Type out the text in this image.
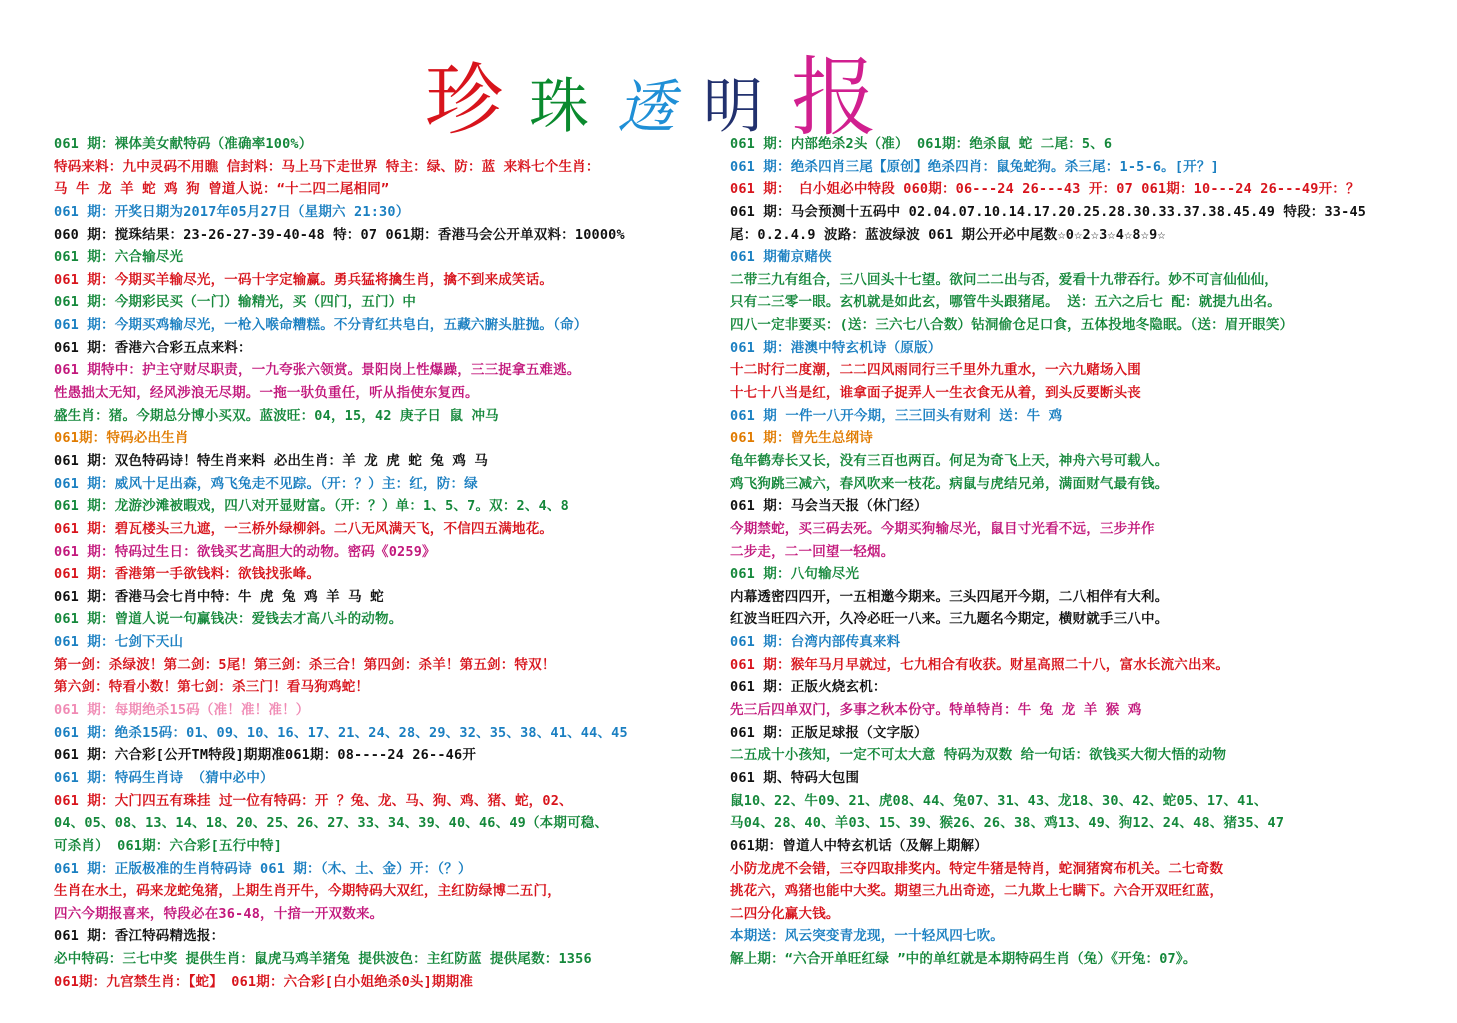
珍 珠 透 明 报
061 期：裸体美女献特码（准确率100%）
特码来料：九中灵码不用瞧 信封料：马上马下走世界 特主：绿、防：蓝 来料七个生肖：
马 牛 龙 羊 蛇 鸡 狗 曾道人说：“十二四二尾相同”
061 期：开奖日期为2017年05月27日（星期六 21:30）
060 期：搅珠结果：23-26-27-39-40-48 特：07 061期：香港马会公开单双料：10000%
061 期：六合输尽光
061 期：今期买羊输尽光，一码十字定输赢。勇兵猛将擒生肖，擒不到来成笑话。
061 期：今期彩民买（一门）输精光，买（四门，五门）中
061 期：今期买鸡输尽光，一枪入喉命糟糕。不分青红共皂白，五藏六腑头脏抛。（命）
061 期：香港六合彩五点来料：
061 期特中：护主守财尽职责，一九夸张六领赏。景阳岗上性爆躁，三三捉拿五难逃。
性愚拙太无知，经风涉浪无尽期。一拖一驮负重任，听从指使东复西。
盛生肖：猪。今期总分博小买双。蓝波旺：04，15，42 庚子日 鼠 冲马
061期：特码必出生肖
061 期：双色特码诗！特生肖来料 必出生肖：羊 龙 虎 蛇 兔 鸡 马
061 期：威风十足出森，鸡飞兔走不见踪。（开：？）主：红，防：绿
061 期：龙游沙滩被暇戏，四八对开显财富。（开：？）单：1、5、7。双：2、4、8
061 期：碧瓦楼头三九遮，一三桥外绿柳斜。二八无风满天飞，不信四五满地花。
061 期：特码过生日：欲钱买艺高胆大的动物。密码《0259》
061 期：香港第一手欲钱料：欲钱找张峰。
061 期：香港马会七肖中特：牛 虎 兔 鸡 羊 马 蛇
061 期：曾道人说一句赢钱决：爱钱去才高八斗的动物。
061 期：七剑下天山
第一剑：杀绿波！第二剑：5尾！第三剑：杀三合！第四剑：杀羊！第五剑：特双！
第六剑：特看小数！第七剑：杀三门！看马狗鸡蛇！
061 期：每期绝杀15码（准！准！准！）
061 期：绝杀15码：01、09、10、16、17、21、24、28、29、32、35、38、41、44、45
061 期：六合彩[公开TM特段]期期准061期：08----24 26--46开
061 期：特码生肖诗 （猜中必中）
061 期：大门四五有珠挂 过一位有特码：开 ？兔、龙、马、狗、鸡、猪、蛇，02、
04、05、08、13、14、18、20、25、26、27、33、34、39、40、46、49（本期可稳、
可杀肖） 061期：六合彩[五行中特]
061 期：正版极准的生肖特码诗 061 期：（木、土、金）开：（？）
生肖在水土，码来龙蛇兔猪，上期生肖开牛，今期特码大双红，主红防绿博二五门，
四六今期报喜来，特段必在36-48，十揞一开双数来。
061 期：香江特码精选报：
必中特码：三七中奖 提供生肖：鼠虎马鸡羊猪兔 提供波色：主红防蓝 提供尾数：1356
061期：九宫禁生肖：【蛇】 061期：六合彩[白小姐绝杀0头]期期准
061 期：内部绝杀2头（准） 061期：绝杀鼠 蛇 二尾：5、6
061 期：绝杀四肖三尾【原创】绝杀四肖：鼠兔蛇狗。杀三尾：1-5-6。[开？]
061 期： 白小姐必中特段 060期：06---24 26---43 开：07 061期：10---24 26---49开：？
061 期：马会预测十五码中 02.04.07.10.14.17.20.25.28.30.33.37.38.45.49 特段：33-45
尾：0.2.4.9 波路：蓝波绿波 061 期公开必中尾数☆0☆2☆3☆4☆8☆9☆
061 期葡京赌侠
二带三九有组合，三八回头十七望。欲问二二出与否，爱看十九带吞行。妙不可言仙仙仙，
只有二三零一眼。玄机就是如此玄，哪管牛头跟猪尾。 送：五六之后七 配：就提九出名。
四八一定非要买：(送：三六七八合数）钻洞偷仓足口食，五体投地冬隐眠。（送：眉开眼笑）
061 期：港澳中特玄机诗（原版）
十二时行二度潮，二二四风雨同行三千里外九重水，一六九赌场入围
十七十八当是红，谁拿面子捉弄人一生衣食无从着，到头反要断头丧
061 期 一件一八开今期，三三回头有财利 送：牛 鸡
061 期：曾先生总纲诗
龟年鹤寿长又长，没有三百也两百。何足为奇飞上天，神舟六号可载人。
鸡飞狗跳三减六，春风吹来一枝花。病鼠与虎结兄弟，满面财气最有钱。
061 期：马会当天报（休门经）
今期禁蛇，买三码去死。今期买狗输尽光，鼠目寸光看不远，三步并作
二步走，二一回望一轻烟。
061 期：八句输尽光
内幕透密四四开，一五相邀今期来。三头四尾开今期，二八相伴有大利。
红波当旺四六开，久冷必旺一八来。三九题名今期定，横财就手三八中。
061 期：台湾内部传真来料
061 期：猴年马月早就过，七九相合有收获。财星高照二十八，富水长流六出来。
061 期：正版火烧玄机：
先三后四单双门，多事之秋本份守。特单特肖：牛 兔 龙 羊 猴 鸡
061 期：正版足球报（文字版）
二五成十小孩知，一定不可太大意 特码为双数 给一句话：欲钱买大彻大悟的动物
061 期、特码大包围
鼠10、22、牛09、21、虎08、44、兔07、31、43、龙18、30、42、蛇05、17、41、
马04、28、40、羊03、15、39、猴26、26、38、鸡13、49、狗12、24、48、猪35、47
061期：曾道人中特玄机话（及解上期解）
小防龙虎不会错，三夺四取排奖内。特定牛猪是特肖，蛇洞猪窝布机关。二七奇数
挑花六，鸡猪也能中大奖。期望三九出奇迹，二九欺上七瞒下。六合开双旺红蓝，
二四分化赢大钱。
本期送：风云突变青龙现，一十轻风四七吹。
解上期：“六合开单旺红绿 ”中的单红就是本期特码生肖（兔）《开兔：07》。
